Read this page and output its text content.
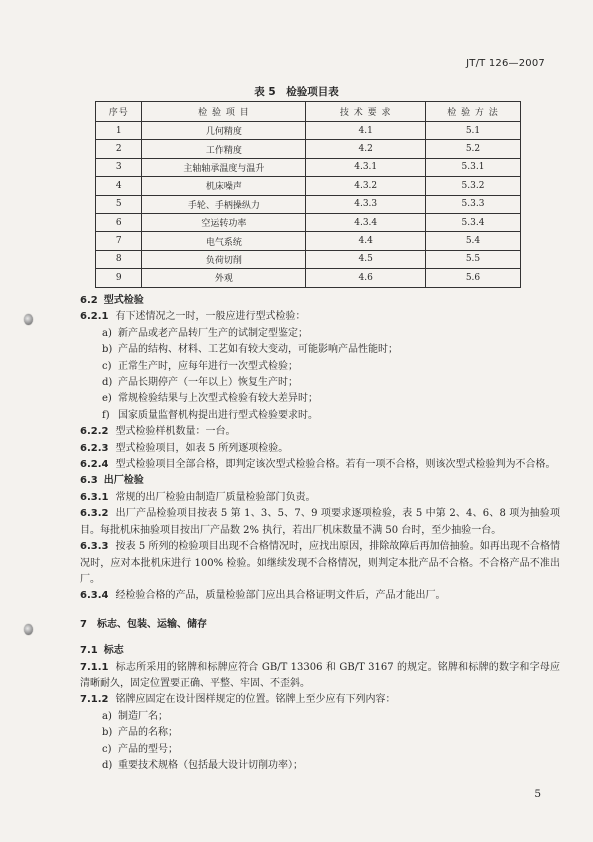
JT/T 126—2007
表 5　检验项目表
序号	检 验 项 目	技 术 要 求	检 验 方 法
1	几何精度	4.1	5.1
2	工作精度	4.2	5.2
3	主轴轴承温度与温升	4.3.1	5.3.1
4	机床噪声	4.3.2	5.3.2
5	手轮、手柄操纵力	4.3.3	5.3.3
6	空运转功率	4.3.4	5.3.4
7	电气系统	4.4	5.4
8	负荷切削	4.5	5.5
9	外观	4.6	5.6
6.2 型式检验
6.2.1 有下述情况之一时，一般应进行型式检验：
a) 新产品或老产品转厂生产的试制定型鉴定；
b) 产品的结构、材料、工艺如有较大变动，可能影响产品性能时；
c) 正常生产时，应每年进行一次型式检验；
d) 产品长期停产（一年以上）恢复生产时；
e) 常规检验结果与上次型式检验有较大差异时；
f) 国家质量监督机构提出进行型式检验要求时。
6.2.2 型式检验样机数量：一台。
6.2.3 型式检验项目，如表 5 所列逐项检验。
6.2.4 型式检验项目全部合格，即判定该次型式检验合格。若有一项不合格，则该次型式检验判为不合格。
6.3 出厂检验
6.3.1 常规的出厂检验由制造厂质量检验部门负责。
6.3.2 出厂产品检验项目按表 5 第 1、3、5、7、9 项要求逐项检验，表 5 中第 2、4、6、8 项为抽验项目。每批机床抽验项目按出厂产品数 2% 执行，若出厂机床数量不满 50 台时，至少抽验一台。
6.3.3 按表 5 所列的检验项目出现不合格情况时，应找出原因，排除故障后再加倍抽验。如再出现不合格情况时，应对本批机床进行 100% 检验。如继续发现不合格情况，则判定本批产品不合格。不合格产品不准出厂。
6.3.4 经检验合格的产品，质量检验部门应出具合格证明文件后，产品才能出厂。
7 标志、包装、运输、储存
7.1 标志
7.1.1 标志所采用的铭牌和标牌应符合 GB/T 13306 和 GB/T 3167 的规定。铭牌和标牌的数字和字母应清晰耐久，固定位置要正确、平整、牢固、不歪斜。
7.1.2 铭牌应固定在设计图样规定的位置。铭牌上至少应有下列内容：
a) 制造厂名；
b) 产品的名称；
c) 产品的型号；
d) 重要技术规格（包括最大设计切削功率）；
5
